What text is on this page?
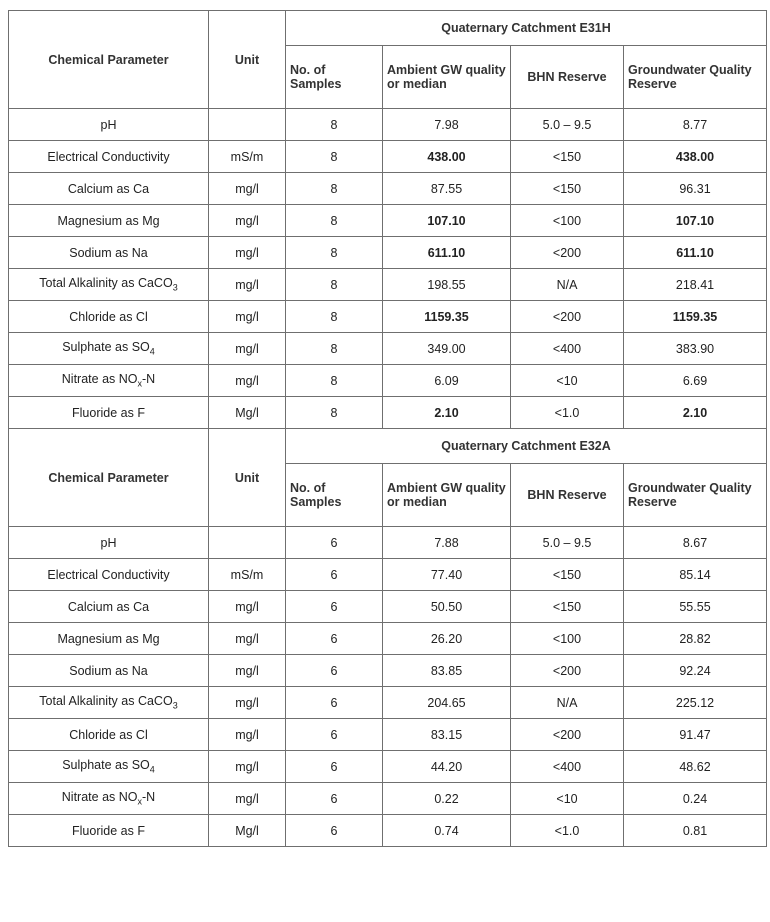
Chemical Parameter	Unit	Quaternary Catchment E31H			
		No. of Samples	Ambient GW quality or median	BHN Reserve	Groundwater Quality Reserve
pH		8	7.98	5.0 – 9.5	8.77
Electrical Conductivity	mS/m	8	438.00	<150	438.00
Calcium as Ca	mg/l	8	87.55	<150	96.31
Magnesium as Mg	mg/l	8	107.10	<100	107.10
Sodium as Na	mg/l	8	611.10	<200	611.10
Total Alkalinity as CaCO$_3$	mg/l	8	198.55	N/A	218.41
Chloride as Cl	mg/l	8	1159.35	<200	1159.35
Sulphate as $SO_4$	mg/l	8	349.00	<400	383.90
Nitrate as $NO_x-N$	mg/l	8	6.09	<10	6.69
Fluoride as F	Mg/l	8	2.10	<1.0	2.10
Chemical Parameter	Unit	Quaternary Catchment E32A			
		No. of Samples	Ambient GW quality or median	BHN Reserve	Groundwater Quality Reserve
pH		6	7.88	5.0 – 9.5	8.67
Electrical Conductivity	mS/m	6	77.40	<150	85.14
Calcium as Ca	mg/l	6	50.50	<150	55.55
Magnesium as Mg	mg/l	6	26.20	<100	28.82
Sodium as Na	mg/l	6	83.85	<200	92.24
Total Alkalinity as CaCO$_3$	mg/l	6	204.65	N/A	225.12
Chloride as Cl	mg/l	6	83.15	<200	91.47
Sulphate as $SO_4$	mg/l	6	44.20	<400	48.62
Nitrate as $NO_x-N$	mg/l	6	0.22	<10	0.24
Fluoride as F	Mg/l	6	0.74	<1.0	0.81
